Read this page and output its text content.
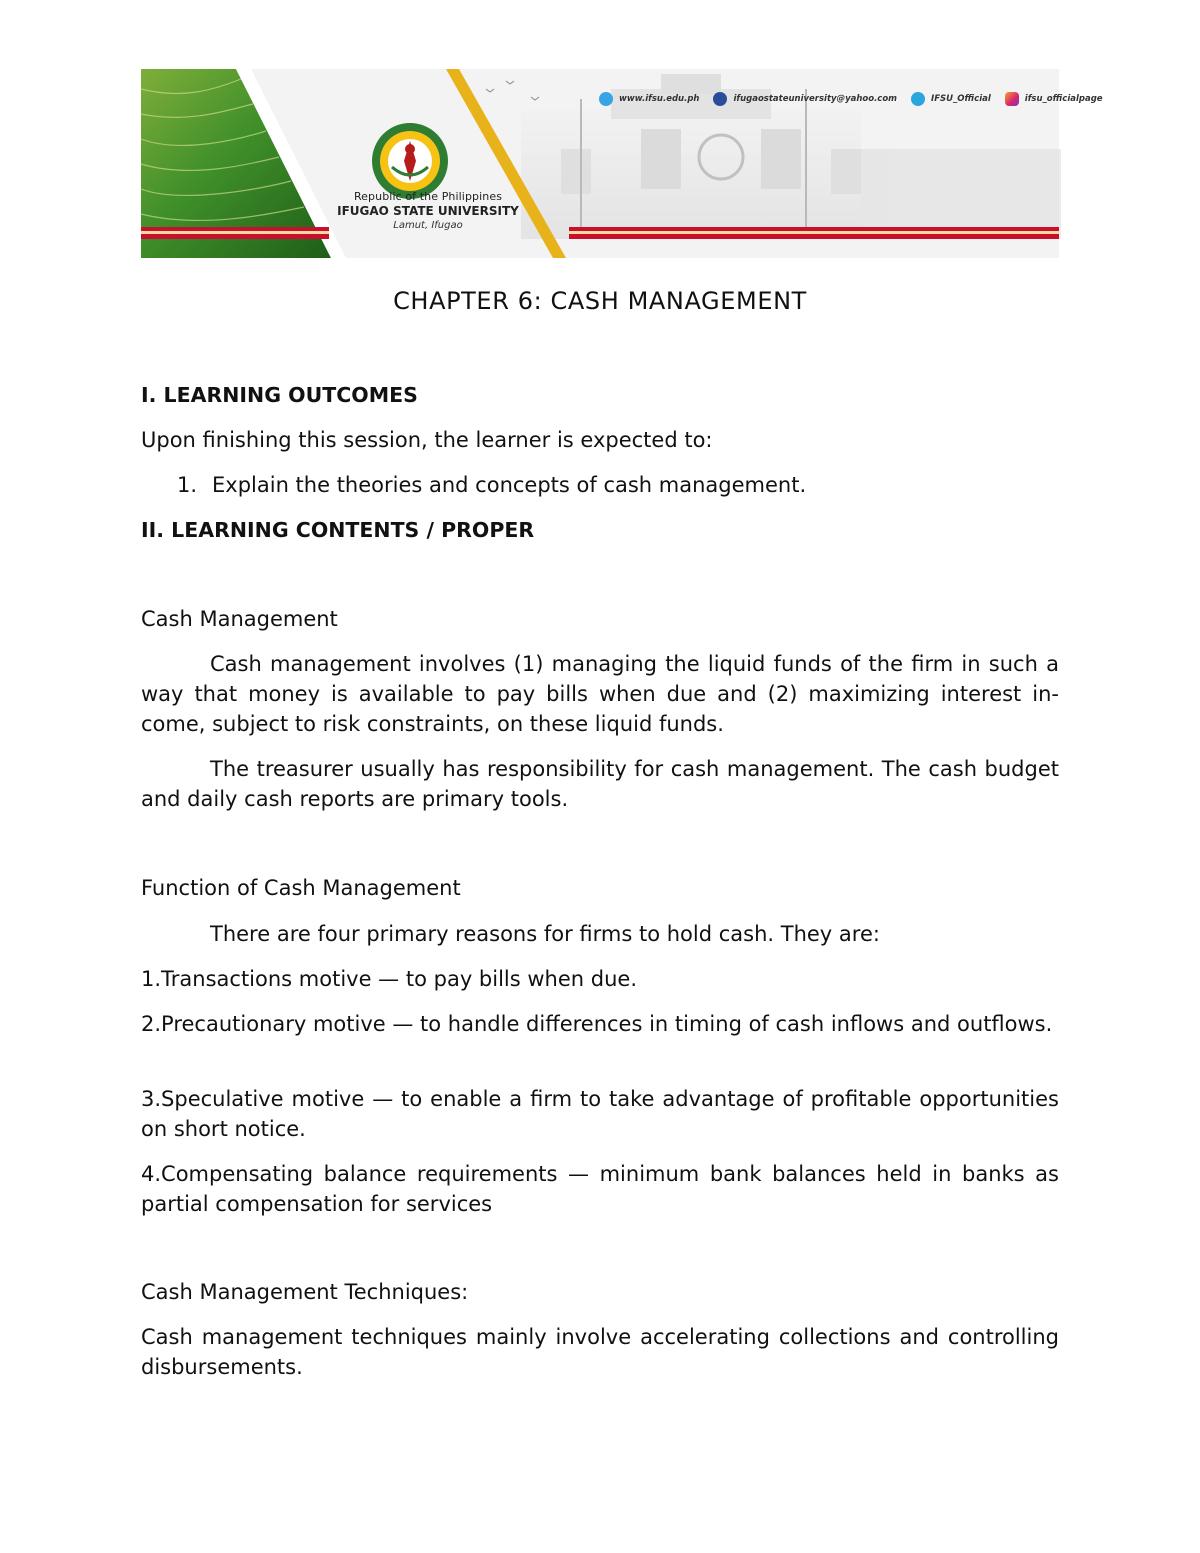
Republic of the Philippines
IFUGAO STATE UNIVERSITY
Lamut, Ifugao
www.ifsu.edu.ph	ifugaostateuniversity@yahoo.com	IFSU_Official	ifsu_officialpage
CHAPTER 6: CASH MANAGEMENT

I. LEARNING OUTCOMES

Upon finishing this session, the learner is expected to:

1. Explain the theories and concepts of cash management.

II. LEARNING CONTENTS / PROPER

Cash Management

Cash management involves (1) managing the liquid funds of the firm in such a way that money is available to pay bills when due and (2) maximizing interest in- come, subject to risk constraints, on these liquid funds.

The treasurer usually has responsibility for cash management. The cash budget and daily cash reports are primary tools.

Function of Cash Management

There are four primary reasons for firms to hold cash. They are:

1.Transactions motive — to pay bills when due.

2.Precautionary motive — to handle differences in timing of cash inflows and outflows.

3.Speculative motive — to enable a firm to take advantage of profitable opportunities on short notice.

4.Compensating balance requirements — minimum bank balances held in banks as partial compensation for services

Cash Management Techniques:

Cash management techniques mainly involve accelerating collections and controlling disbursements.
